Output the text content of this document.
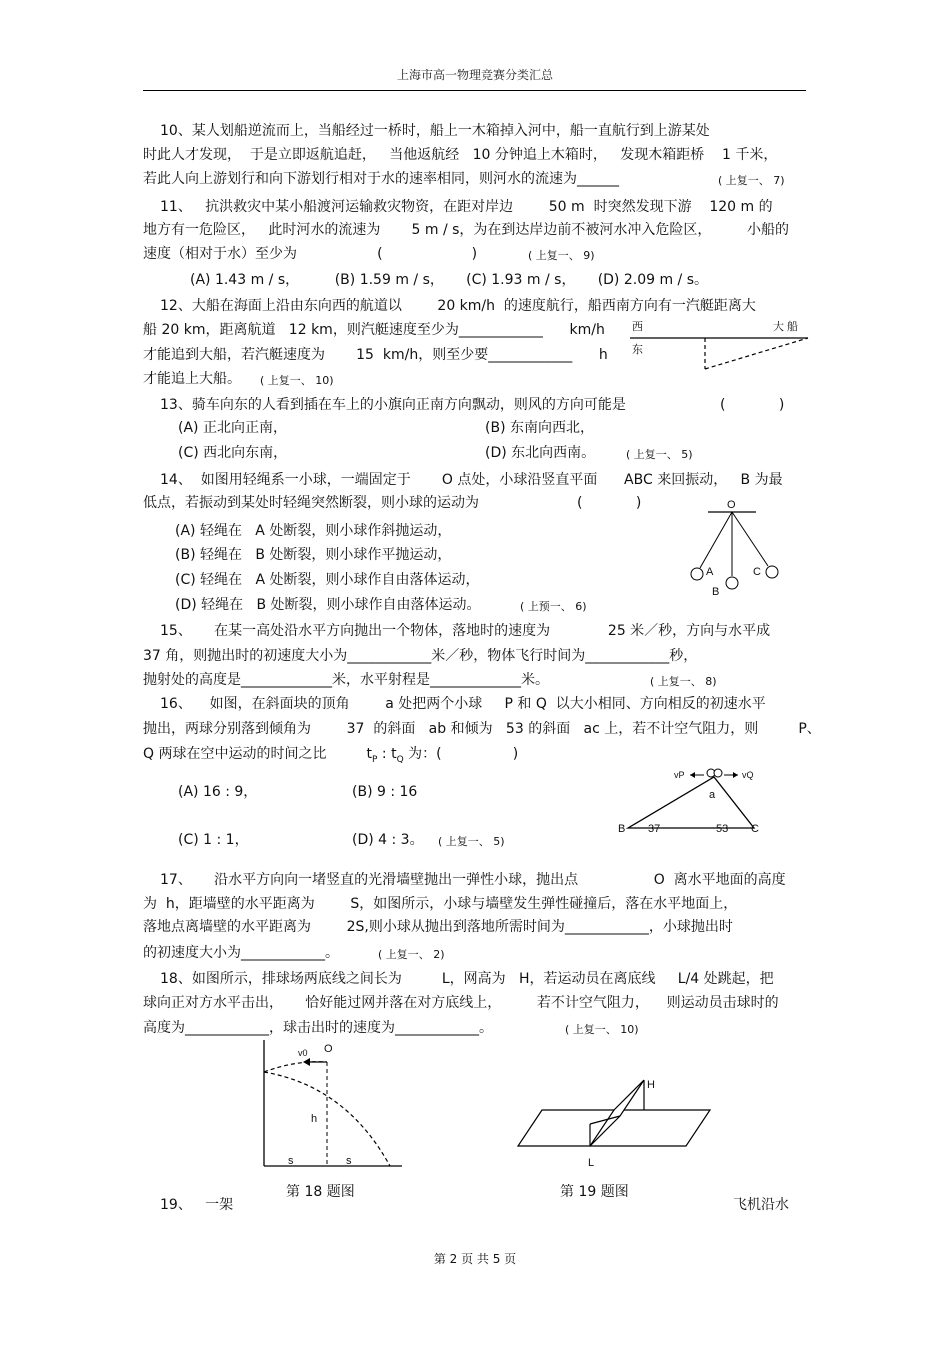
上海市高一物理竞赛分类汇总
10、某人划船逆流而上，当船经过一桥时，船上一木箱掉入河中，船一直航行到上游某处
时此人才发现，  于是立即返航追赶，   当他返航经   10 分钟追上木箱时，   发现木箱距桥    1 千米，
若此人向上游划行和向下游划行相对于水的速率相同，则河水的流速为______	( 上复一、 7)
11、   抗洪救灾中某小船渡河运输救灾物资，在距对岸边        50 m  时突然发现下游    120 m 的
地方有一危险区，   此时河水的流速为       5 m / s，为在到达岸边前不被河水冲入危险区，        小船的
速度（相对于水）至少为                  (                    )	( 上复一、 9)
(A) 1.43 m / s，        (B) 1.59 m / s，     (C) 1.93 m / s，     (D) 2.09 m / s。
12、大船在海面上沿由东向西的航道以        20 km/h  的速度航行，船西南方向有一汽艇距离大
船 20 km，距离航道   12 km，则汽艇速度至少为____________      km/h
才能追到大船，若汽艇速度为       15  km/h，则至少要____________      h
才能追上大船。 ( 上复一、 10)
西
东
大 船
13、骑车向东的人看到插在车上的小旗向正南方向飘动，则风的方向可能是	(            )
(A) 正北向正南，	(B) 东南向西北，
(C) 西北向东南，	(D) 东北向西南。	( 上复一、 5)
14、  如图用轻绳系一小球，一端固定于       O 点处，小球沿竖直平面      ABC 来回振动，   B 为最
低点，若振动到某处时轻绳突然断裂，则小球的运动为	(            )
(A) 轻绳在   A 处断裂，则小球作斜抛运动，
(B) 轻绳在   B 处断裂，则小球作平抛运动，
(C) 轻绳在   A 处断裂，则小球作自由落体运动，
(D) 轻绳在   B 处断裂，则小球作自由落体运动。	( 上预一、 6)
O
A
B
C
15、     在某一高处沿水平方向抛出一个物体，落地时的速度为             25 米／秒，方向与水平成
37 角，则抛出时的初速度大小为____________米／秒，物体飞行时间为____________秒，
抛射处的高度是_____________米，水平射程是_____________米。	( 上复一、 8)
16、    如图，在斜面块的顶角        a 处把两个小球     P 和 Q  以大小相同、方向相反的初速水平
抛出，两球分别落到倾角为        37  的斜面   ab 和倾为   53 的斜面   ac 上，若不计空气阻力，则         P、
Q 两球在空中运动的时间之比         $t_P$ : $t_Q$ 为：(                )
(A) 16 : 9，	(B) 9 : 16
(C) 1 : 1，	(D) 4 : 3。 ( 上复一、 5)
vP	vQ
a
B 37	53 C
17、     沿水平方向向一堵竖直的光滑墙壁抛出一弹性小球，抛出点                 O  离水平地面的高度
为  h，距墙壁的水平距离为        S，如图所示，小球与墙壁发生弹性碰撞后，落在水平地面上，
落地点离墙壁的水平距离为        2S,则小球从抛出到落地所需时间为____________，小球抛出时
的初速度大小为____________。	( 上复一、 2)
18、如图所示，排球场两底线之间长为         L，网高为   H，若运动员在离底线     L/4 处跳起，把
球向正对方水平击出，     恰好能过网并落在对方底线上，        若不计空气阻力，    则运动员击球时的
高度为____________，球击出时的速度为____________。	( 上复一、 10)
v0 O
h
s	s
第 18 题图
H
L
第 19 题图
19、   一架	飞机沿水
第 2 页 共 5 页
